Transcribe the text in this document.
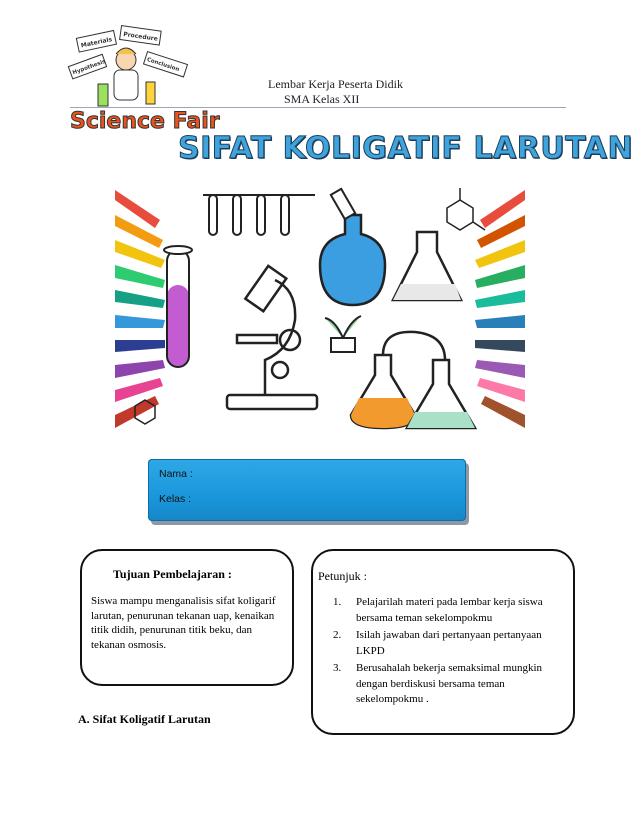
Lembar Kerja Peserta Didik
SMA Kelas XII
Materials Procedure
Hypothesis	Conclusion
Science Fair
SIFAT KOLIGATIF LARUTAN
Nama :
Kelas :
Tujuan Pembelajaran :
Siswa mampu menganalisis sifat koligarif larutan, penurunan tekanan uap, kenaikan titik didih, penurunan titik beku, dan tekanan osmosis.
Petunjuk :
1. Pelajarilah materi pada lembar kerja siswa bersama teman sekelompokmu
2. Isilah jawaban dari pertanyaan pertanyaan LKPD
3. Berusahalah bekerja semaksimal mungkin dengan berdiskusi bersama teman sekelompokmu .
A. Sifat Koligatif Larutan
